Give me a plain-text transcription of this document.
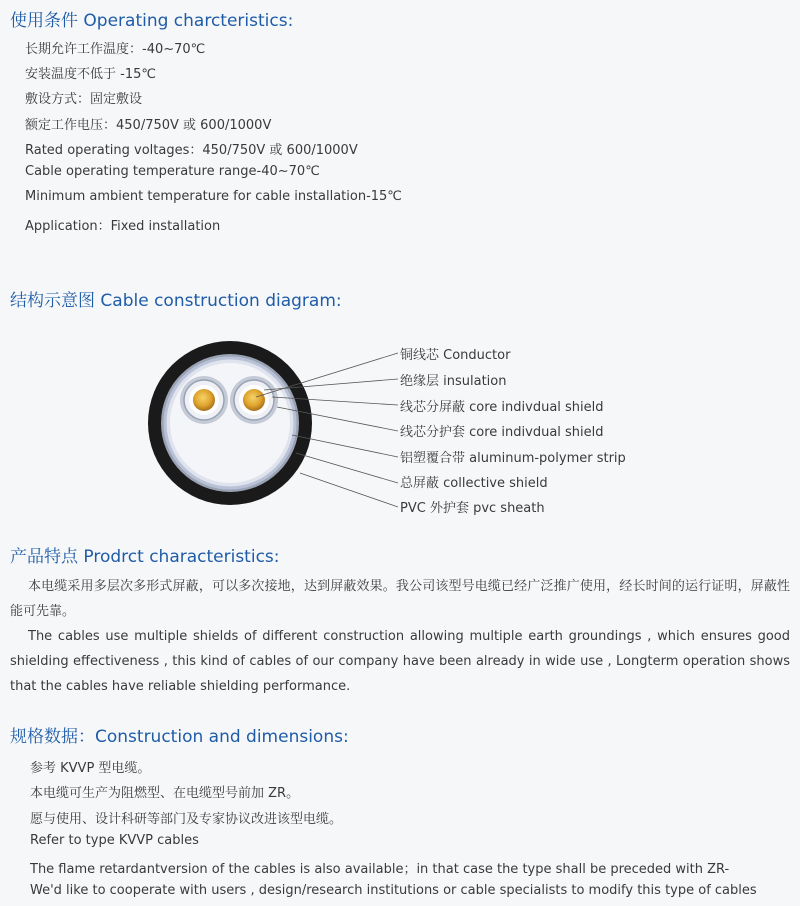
使用条件 Operating charcteristics:
长期允许工作温度：-40~70℃
安装温度不低于 -15℃
敷设方式：固定敷设
额定工作电压：450/750V 或 600/1000V
Rated operating voltages：450/750V 或 600/1000V
Cable operating temperature range-40~70℃
Minimum ambient temperature for cable installation-15℃
Application：Fixed installation
结构示意图 Cable construction diagram:
铜线芯 Conductor
绝缘层 insulation
线芯分屏蔽 core indivdual shield
线芯分护套 core indivdual shield
铝塑覆合带 aluminum-polymer strip
总屏蔽 collective shield
PVC 外护套 pvc sheath
产品特点 Prodrct characteristics:
本电缆采用多层次多形式屏蔽，可以多次接地，达到屏蔽效果。我公司该型号电缆已经广泛推广使用，经长时间的运行证明，屏蔽性能可先靠。
The cables use multiple shields of different construction allowing multiple earth groundings , which ensures good shielding effectiveness , this kind of cables of our company have been already in wide use , Longterm operation shows that the cables have reliable shielding performance.
规格数据：Construction and dimensions:
参考 KVVP 型电缆。
本电缆可生产为阻燃型、在电缆型号前加 ZR。
愿与使用、设计科研等部门及专家协议改进该型电缆。
Refer to type KVVP cables
The flame retardantversion of the cables is also available；in that case the type shall be preceded with ZR-
We'd like to cooperate with users , design/research institutions or cable specialists to modify this type of cables
